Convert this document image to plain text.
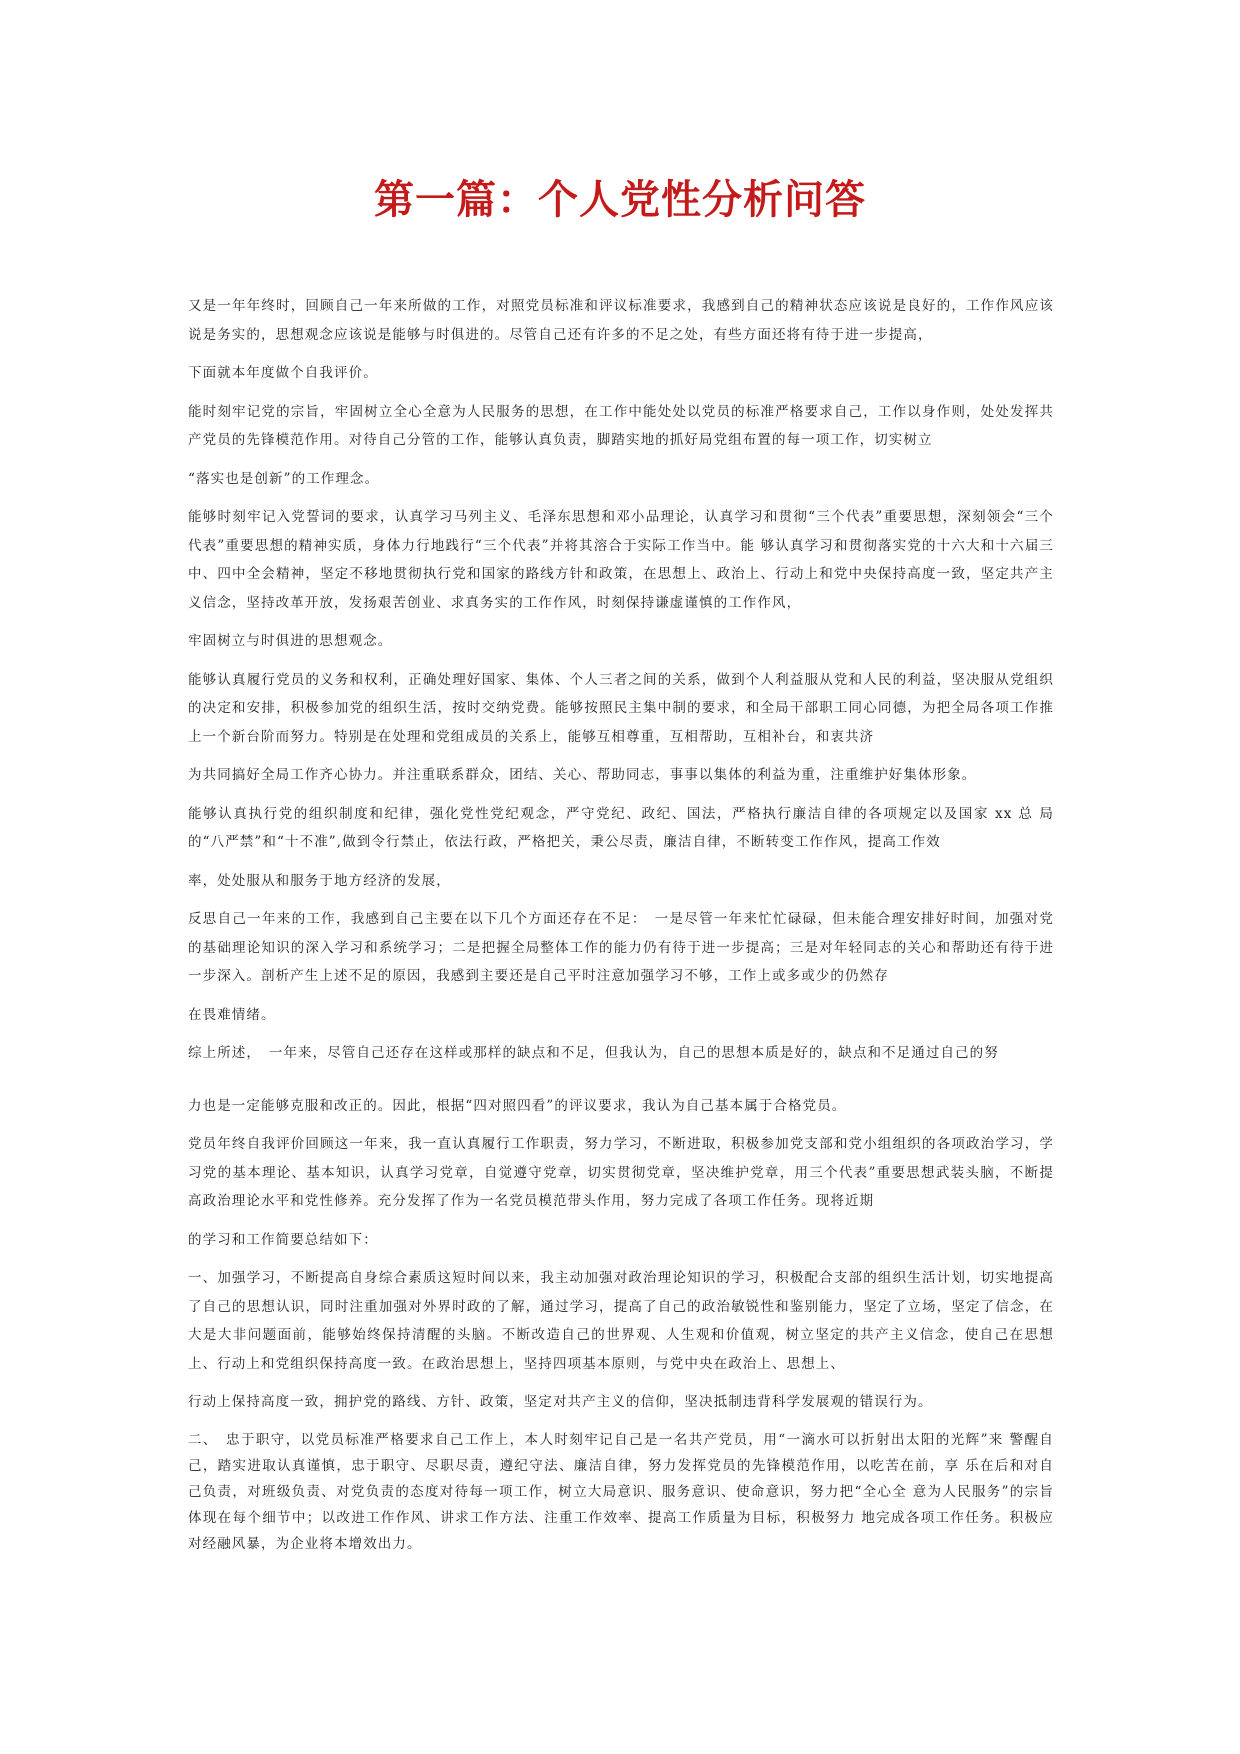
第一篇：个人党性分析问答

又是一年年终时，回顾自己一年来所做的工作，对照党员标准和评议标准要求，我感到自己的精神状态应该说是良好的，工作作风应该说是务实的，思想观念应该说是能够与时俱进的。尽管自己还有许多的不足之处，有些方面还将有待于进一步提高，

下面就本年度做个自我评价。

能时刻牢记党的宗旨，牢固树立全心全意为人民服务的思想，在工作中能处处以党员的标准严格要求自己，工作以身作则，处处发挥共产党员的先锋模范作用。对待自己分管的工作，能够认真负责，脚踏实地的抓好局党组布置的每一项工作，切实树立

“落实也是创新”的工作理念。

能够时刻牢记入党誓词的要求，认真学习马列主义、毛泽东思想和邓小品理论，认真学习和贯彻“三个代表”重要思想，深刻领会“三个代表”重要思想的精神实质，身体力行地践行“三个代表”并将其溶合于实际工作当中。能 够认真学习和贯彻落实党的十六大和十六届三中、四中全会精神，坚定不移地贯彻执行党和国家的路线方针和政策，在思想上、政治上、行动上和党中央保持高度一致，坚定共产主义信念，坚持改革开放，发扬艰苦创业、求真务实的工作作风，时刻保持谦虚谨慎的工作作风，

牢固树立与时俱进的思想观念。

能够认真履行党员的义务和权利，正确处理好国家、集体、个人三者之间的关系，做到个人利益服从党和人民的利益，坚决服从党组织的决定和安排，积极参加党的组织生活，按时交纳党费。能够按照民主集中制的要求，和全局干部职工同心同德，为把全局各项工作推上一个新台阶而努力。特别是在处理和党组成员的关系上，能够互相尊重，互相帮助，互相补台，和衷共济

为共同搞好全局工作齐心协力。并注重联系群众，团结、关心、帮助同志，事事以集体的利益为重，注重维护好集体形象。

能够认真执行党的组织制度和纪律，强化党性党纪观念，严守党纪、政纪、国法，严格执行廉洁自律的各项规定以及国家 xx 总 局的“八严禁”和“十不准”,做到令行禁止，依法行政，严格把关，秉公尽责，廉洁自律，不断转变工作作风，提高工作效

率，处处服从和服务于地方经济的发展，

反思自己一年来的工作，我感到自己主要在以下几个方面还存在不足：　一是尽管一年来忙忙碌碌，但未能合理安排好时间，加强对党的基础理论知识的深入学习和系统学习；二是把握全局整体工作的能力仍有待于进一步提高；三是对年轻同志的关心和帮助还有待于进一步深入。剖析产生上述不足的原因，我感到主要还是自己平时注意加强学习不够，工作上或多或少的仍然存

在畏难情绪。

综上所述，　一年来，尽管自己还存在这样或那样的缺点和不足，但我认为，自己的思想本质是好的，缺点和不足通过自己的努

力也是一定能够克服和改正的。因此，根据“四对照四看”的评议要求，我认为自己基本属于合格党员。

党员年终自我评价回顾这一年来，我一直认真履行工作职责，努力学习，不断进取，积极参加党支部和党小组组织的各项政治学习，学习党的基本理论、基本知识，认真学习党章，自觉遵守党章，切实贯彻党章，坚决维护党章，用三个代表”重要思想武装头脑，不断提高政治理论水平和党性修养。充分发挥了作为一名党员模范带头作用，努力完成了各项工作任务。现将近期

的学习和工作简要总结如下：

一、加强学习，不断提高自身综合素质这短时间以来，我主动加强对政治理论知识的学习，积极配合支部的组织生活计划，切实地提高了自己的思想认识，同时注重加强对外界时政的了解，通过学习，提高了自己的政治敏锐性和鉴别能力，坚定了立场，坚定了信念，在大是大非问题面前，能够始终保持清醒的头脑。不断改造自己的世界观、人生观和价值观，树立坚定的共产主义信念，使自己在思想上、行动上和党组织保持高度一致。在政治思想上，坚持四项基本原则，与党中央在政治上、思想上、

行动上保持高度一致，拥护党的路线、方针、政策，坚定对共产主义的信仰，坚决抵制违背科学发展观的错误行为。

二、　忠于职守，以党员标准严格要求自己工作上，本人时刻牢记自己是一名共产党员，用“一滴水可以折射出太阳的光辉”来 警醒自己，踏实进取认真谨慎，忠于职守、尽职尽责，遵纪守法、廉洁自律，努力发挥党员的先锋模范作用，以吃苦在前，享 乐在后和对自己负责，对班级负责、对党负责的态度对待每一项工作，树立大局意识、服务意识、使命意识，努力把“全心全 意为人民服务”的宗旨体现在每个细节中；以改进工作作风、讲求工作方法、注重工作效率、提高工作质量为目标，积极努力 地完成各项工作任务。积极应对经融风暴，为企业将本增效出力。
